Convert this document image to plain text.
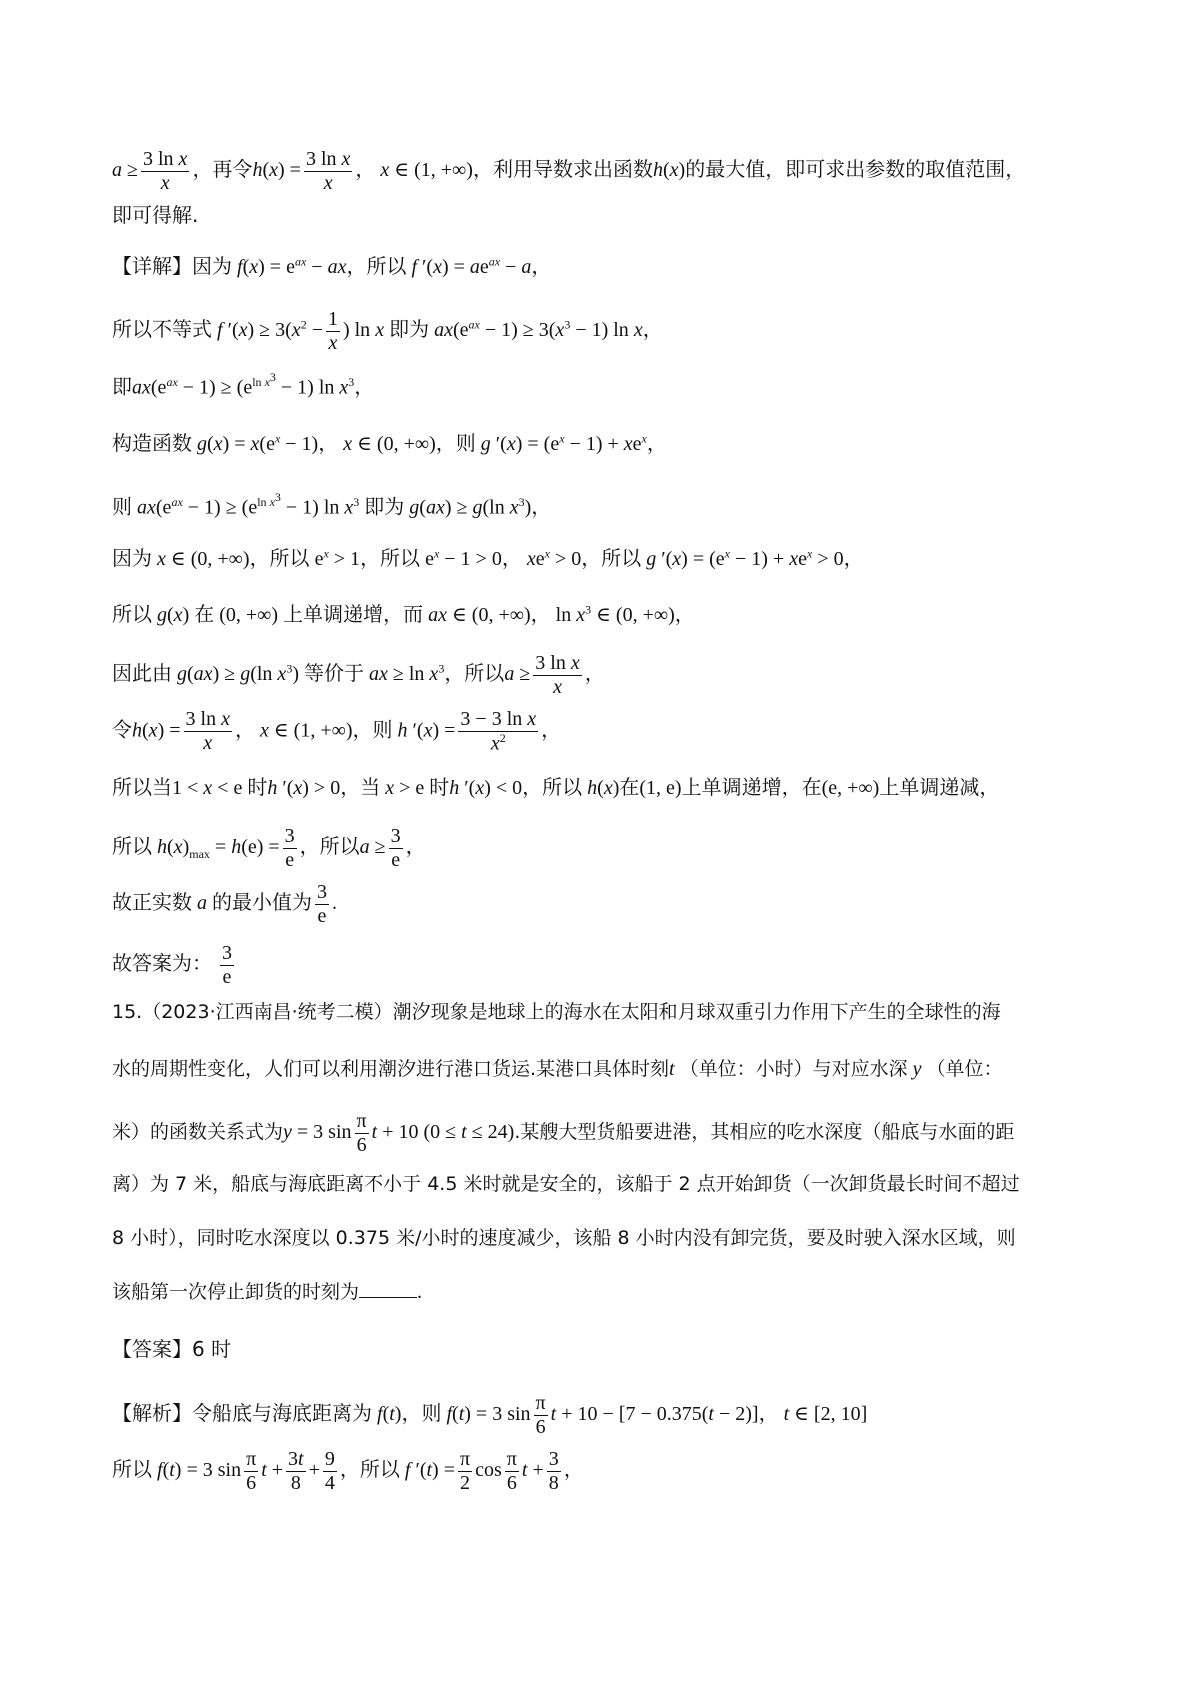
$a \ge \frac{\text{3 ln x}}{x}$ ，再令$h(x) = \frac{\text{3 ln x}}{x}$ ， x ∈ (1, +∞)，利用导数求出函数h(x)的最大值，即可求出参数的取值范围，
即可得解.
【详解】因为 $f(x) = e^{ax}$ − ax，所以 f $'(x) = ae^{ax} - a$，
所以不等式 f $'(x) \ge 3(x^2 - \frac{1}{x}$ ) ln x 即为 $ax(e^{ax} - 1) \ge 3(x^3 - 1)$ ln x，
即$ax(e^{ax} - 1) \ge (e^{ln x^3} - 1)$ $\ln x^3$，
构造函数 $g(x) = x(e^x - 1)$， x ∈ (0, +∞)，则 g $'(x) = (e^x - 1) + xe^x$，
则 $ax(e^{ax} - 1) \ge (e^{ln x^3} - 1)$ $\ln x^3$ 即为 g(ax) ≥ g(ln $x^3$)，
因为 x ∈ (0, +∞)，所以 $e^x > 1$，所以 $e^x - 1 > 0$， $xe^x > 0$，所以 g $'(x) = (e^x - 1) + xe^x > 0$，
所以 g(x) 在 (0, +∞) 上单调递增，而 ax ∈ (0, +∞)， $\ln x^3$ ∈ (0, +∞)，
因此由 g(ax) ≥ g(ln $x^3$) 等价于 ax ≥ $\ln x^3$，所以$a \ge \frac{\text{3 ln x}}{x}$ ，
令$h(x) = \frac{\text{3 ln x}}{x}$ ， x ∈ (1, +∞)，则 h $'(x) = \frac{\text{3 − 3 ln x}}{x^2}$ ，
所以当1 < x < e 时h ′(x) > 0，当 x > e 时h ′(x) < 0，所以 h(x)在(1, e)上单调递增，在(e, +∞)上单调递减，
所以 $h(x)_{max} = h(e) = \frac{3}{e}$ ，所以$a \ge \frac{3}{e}$ ，
故正实数 a 的最小值为 $\frac{3}{e}$ .
故答案为： $\frac{3}{e}$
15.（2023·江西南昌·统考二模）潮汐现象是地球上的海水在太阳和月球双重引力作用下产生的全球性的海
水的周期性变化，人们可以利用潮汐进行港口货运.某港口具体时刻t （单位：小时）与对应水深 y （单位：
米）的函数关系式为y = 3 $\sin \frac{\pi}{6}$ t + 10 (0 ≤ t ≤ 24).某艘大型货船要进港，其相应的吃水深度（船底与水面的距
离）为 7 米，船底与海底距离不小于 4.5 米时就是安全的，该船于 2 点开始卸货（一次卸货最长时间不超过
8 小时），同时吃水深度以 0.375 米/小时的速度减少，该船 8 小时内没有卸完货，要及时驶入深水区域，则
该船第一次停止卸货的时刻为	.
【答案】6 时
【解析】令船底与海底距离为 f(t)，则 f(t) = 3 $\sin \frac{\pi}{6}$ t + 10 − [7 − 0.375(t − 2)]， t ∈ [2, 10]
所以 f(t) = 3 $\sin \frac{\pi}{6}$ $t + \frac{3t}{8} + \frac{9}{4}$ ，所以 f $'(t) = \frac{\pi}{2}$ $\cos \frac{\pi}{6}$ $t + \frac{3}{8}$ ，
